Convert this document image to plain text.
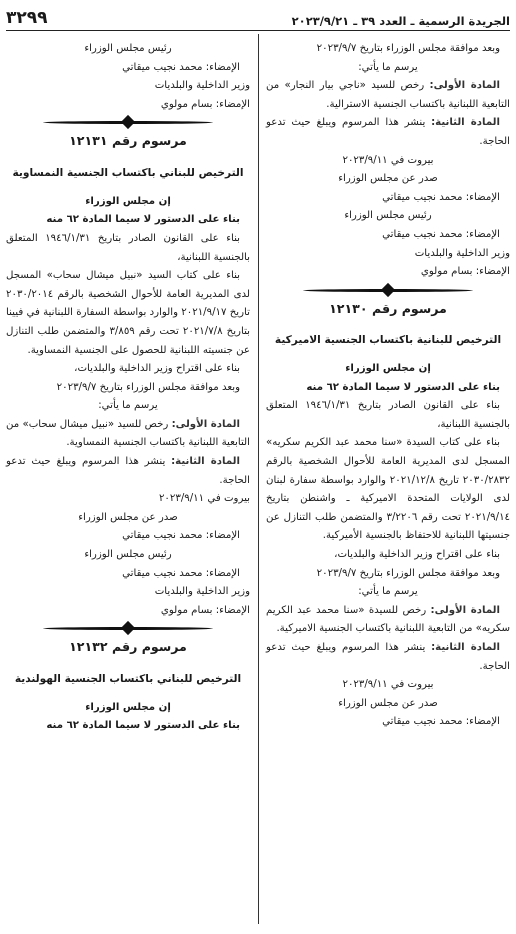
الجريدة الرسمية ـ العدد ٣٩ ـ ٢٠٢٣/٩/٢١
٣٢٩٩

وبعد موافقة مجلس الوزراء بتاريخ ٢٠٢٣/٩/٧

يرسم ما يأتي:

المادة الأولى: رخص للسيد «ناجي بيار النجار» من التابعية اللبنانية باكتساب الجنسية الاسترالية.

المادة الثانية: ينشر هذا المرسوم ويبلغ حيث تدعو الحاجة.

بيروت في ٢٠٢٣/٩/١١

صدر عن مجلس الوزراء

الإمضاء: محمد نجيب ميقاتي

رئيس مجلس الوزراء

الإمضاء: محمد نجيب ميقاتي

وزير الداخلية والبلديات

الإمضاء: بسام مولوي

مرسوم رقم ١٢١٣٠

الترخيص للبنانية باكتساب الجنسية الاميركية

إن مجلس الوزراء

بناء على الدستور لا سيما المادة ٦٢ منه

بناء على القانون الصادر بتاريخ ١٩٤٦/١/٣١ المتعلق بالجنسية اللبنانية،

بناء على كتاب السيدة «سنا محمد عبد الكريم سكريه» المسجل لدى المديرية العامة للأحوال الشخصية بالرقم ٢٠٣٠/٢٨٣٢ تاريخ ٢٠٢١/١٢/٨ والوارد بواسطة سفارة لبنان لدى الولايات المتحدة الاميركية ـ واشنطن بتاريخ ٢٠٢١/٩/١٤ تحت رقم ٣/٢٢٠٦ والمتضمن طلب التنازل عن جنسيتها اللبنانية للاحتفاظ بالجنسية الأميركية.

بناء على اقتراح وزير الداخلية والبلديات،

وبعد موافقة مجلس الوزراء بتاريخ ٢٠٢٣/٩/٧

يرسم ما يأتي:

المادة الأولى: رخص للسيدة «سنا محمد عبد الكريم سكريه» من التابعية اللبنانية باكتساب الجنسية الاميركية.

المادة الثانية: ينشر هذا المرسوم ويبلغ حيث تدعو الحاجة.

بيروت في ٢٠٢٣/٩/١١

صدر عن مجلس الوزراء

الإمضاء: محمد نجيب ميقاتي

رئيس مجلس الوزراء

الإمضاء: محمد نجيب ميقاتي

وزير الداخلية والبلديات

الإمضاء: بسام مولوي

مرسوم رقم ١٢١٣١

الترخيص للبناني باكتساب الجنسية النمساوية

إن مجلس الوزراء

بناء على الدستور لا سيما المادة ٦٢ منه

بناء على القانون الصادر بتاريخ ١٩٤٦/١/٣١ المتعلق بالجنسية اللبنانية،

بناء على كتاب السيد «نبيل ميشال سحاب» المسجل لدى المديرية العامة للأحوال الشخصية بالرقم ٢٠٣٠/٢٠١٤ تاريخ ٢٠٢١/٩/١٧ والوارد بواسطة السفارة اللبنانية في فيينا بتاريخ ٢٠٢١/٧/٨ تحت رقم ٣/٨٥٩ والمتضمن طلب التنازل عن جنسيته اللبنانية للحصول على الجنسية النمساوية.

بناء على اقتراح وزير الداخلية والبلديات،

وبعد موافقة مجلس الوزراء بتاريخ ٢٠٢٣/٩/٧

يرسم ما يأتي:

المادة الأولى: رخص للسيد «نبيل ميشال سحاب» من التابعية اللبنانية باكتساب الجنسية النمساوية.

المادة الثانية: ينشر هذا المرسوم ويبلغ حيث تدعو الحاجة.

بيروت في ٢٠٢٣/٩/١١

صدر عن مجلس الوزراء

الإمضاء: محمد نجيب ميقاتي

رئيس مجلس الوزراء

الإمضاء: محمد نجيب ميقاتي

وزير الداخلية والبلديات

الإمضاء: بسام مولوي

مرسوم رقم ١٢١٣٢

الترخيص للبناني باكتساب الجنسية الهولندية

إن مجلس الوزراء

بناء على الدستور لا سيما المادة ٦٢ منه
